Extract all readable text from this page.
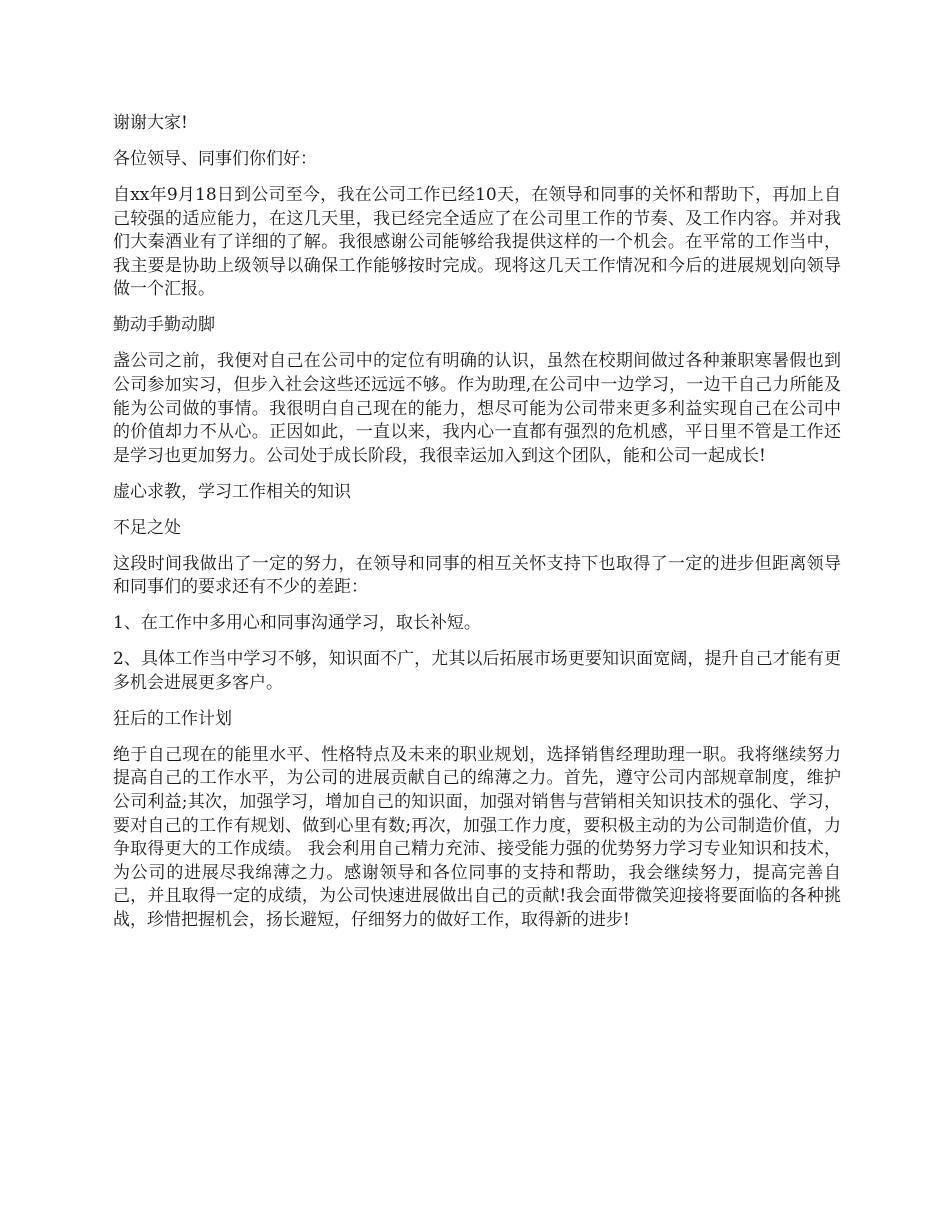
谢谢大家!

各位领导、同事们你们好：

自xx年9月18日到公司至今，我在公司工作已经10天，在领导和同事的关怀和帮助下，再加上自己较强的适应能力，在这几天里，我已经完全适应了在公司里工作的节奏、及工作内容。并对我们大秦酒业有了详细的了解。我很感谢公司能够给我提供这样的一个机会。在平常的工作当中，我主要是协助上级领导以确保工作能够按时完成。现将这几天工作情况和今后的进展规划向领导做一个汇报。

勤动手勤动脚

盏公司之前，我便对自己在公司中的定位有明确的认识，虽然在校期间做过各种兼职寒暑假也到公司参加实习，但步入社会这些还远远不够。作为助理,在公司中一边学习，一边干自己力所能及能为公司做的事情。我很明白自己现在的能力，想尽可能为公司带来更多利益实现自己在公司中的价值却力不从心。正因如此，一直以来，我内心一直都有强烈的危机感，平日里不管是工作还是学习也更加努力。公司处于成长阶段，我很幸运加入到这个团队，能和公司一起成长!

虚心求教，学习工作相关的知识

不足之处

这段时间我做出了一定的努力，在领导和同事的相互关怀支持下也取得了一定的进步但距离领导和同事们的要求还有不少的差距：

1、在工作中多用心和同事沟通学习，取长补短。

2、具体工作当中学习不够，知识面不广，尤其以后拓展市场更要知识面宽阔，提升自己才能有更多机会进展更多客户。

狂后的工作计划

绝于自己现在的能里水平、性格特点及未来的职业规划，选择销售经理助理一职。我将继续努力提高自己的工作水平，为公司的进展贡献自己的绵薄之力。首先，遵守公司内部规章制度，维护公司利益;其次，加强学习，增加自己的知识面，加强对销售与营销相关知识技术的强化、学习，要对自己的工作有规划、做到心里有数;再次，加强工作力度，要积极主动的为公司制造价值，力争取得更大的工作成绩。 我会利用自己精力充沛、接受能力强的优势努力学习专业知识和技术，为公司的进展尽我绵薄之力。感谢领导和各位同事的支持和帮助，我会继续努力，提高完善自己，并且取得一定的成绩，为公司快速进展做出自己的贡献!我会面带微笑迎接将要面临的各种挑战，珍惜把握机会，扬长避短，仔细努力的做好工作，取得新的进步!
